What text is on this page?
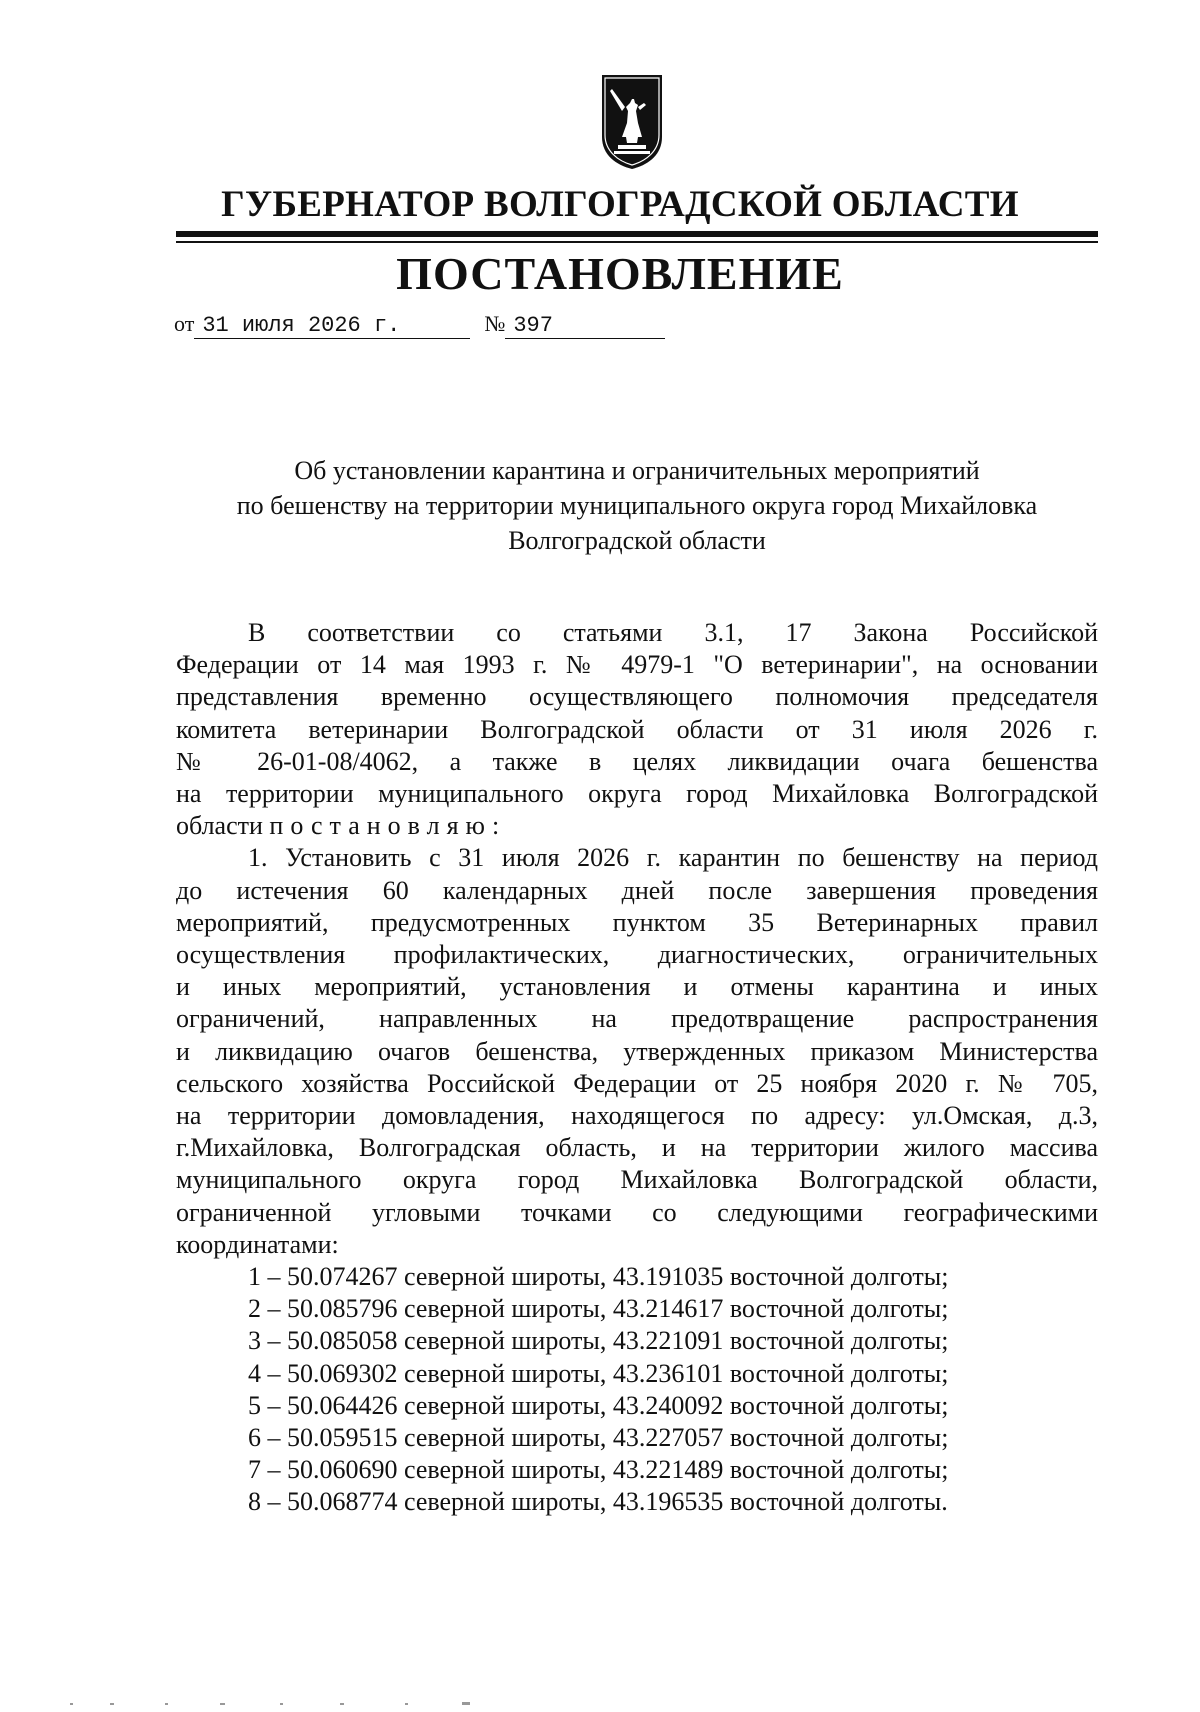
ГУБЕРНАТОР ВОЛГОГРАДСКОЙ ОБЛАСТИ
ПОСТАНОВЛЕНИЕ
от 31 июля 2026 г.	№ 397
Об установлении карантина и ограничительных мероприятий
по бешенству на территории муниципального округа город Михайловка
Волгоградской области
В соответствии со статьями 3.1, 17 Закона Российской
Федерации от 14 мая 1993 г. № 4979-1 "О ветеринарии", на основании
представления временно осуществляющего полномочия председателя
комитета ветеринарии Волгоградской области от 31 июля 2026 г.
№ 26-01-08/4062, а также в целях ликвидации очага бешенства
на территории муниципального округа город Михайловка Волгоградской
области постановляю:
1. Установить с 31 июля 2026 г. карантин по бешенству на период
до истечения 60 календарных дней после завершения проведения
мероприятий, предусмотренных пунктом 35 Ветеринарных правил
осуществления профилактических, диагностических, ограничительных
и иных мероприятий, установления и отмены карантина и иных
ограничений, направленных на предотвращение распространения
и ликвидацию очагов бешенства, утвержденных приказом Министерства
сельского хозяйства Российской Федерации от 25 ноября 2020 г. № 705,
на территории домовладения, находящегося по адресу: ул.Омская, д.3,
г.Михайловка, Волгоградская область, и на территории жилого массива
муниципального округа город Михайловка Волгоградской области,
ограниченной угловыми точками со следующими географическими
координатами:
1 – 50.074267 северной широты, 43.191035 восточной долготы;
2 – 50.085796 северной широты, 43.214617 восточной долготы;
3 – 50.085058 северной широты, 43.221091 восточной долготы;
4 – 50.069302 северной широты, 43.236101 восточной долготы;
5 – 50.064426 северной широты, 43.240092 восточной долготы;
6 – 50.059515 северной широты, 43.227057 восточной долготы;
7 – 50.060690 северной широты, 43.221489 восточной долготы;
8 – 50.068774 северной широты, 43.196535 восточной долготы.
